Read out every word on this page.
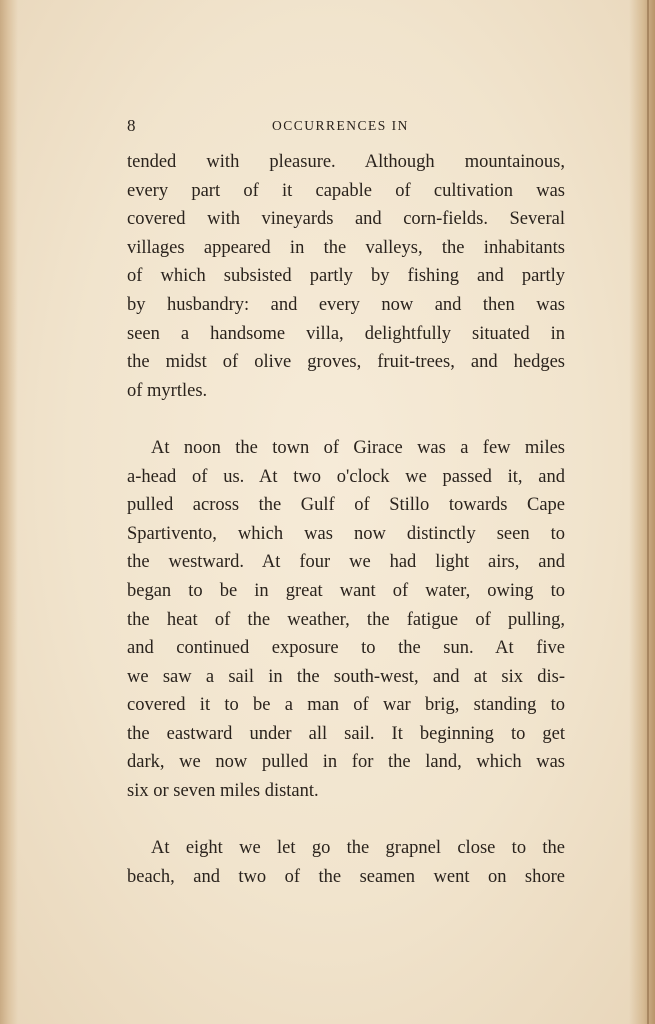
8	OCCURRENCES IN
tended with pleasure. Although mountainous,
every part of it capable of cultivation was
covered with vineyards and corn-fields. Several
villages appeared in the valleys, the inhabitants
of which subsisted partly by fishing and partly
by husbandry: and every now and then was
seen a handsome villa, delightfully situated in
the midst of olive groves, fruit-trees, and hedges
of myrtles.
At noon the town of Girace was a few miles
a-head of us. At two o'clock we passed it, and
pulled across the Gulf of Stillo towards Cape
Spartivento, which was now distinctly seen to
the westward. At four we had light airs, and
began to be in great want of water, owing to
the heat of the weather, the fatigue of pulling,
and continued exposure to the sun. At five
we saw a sail in the south-west, and at six dis-
covered it to be a man of war brig, standing to
the eastward under all sail. It beginning to get
dark, we now pulled in for the land, which was
six or seven miles distant.
At eight we let go the grapnel close to the
beach, and two of the seamen went on shore
